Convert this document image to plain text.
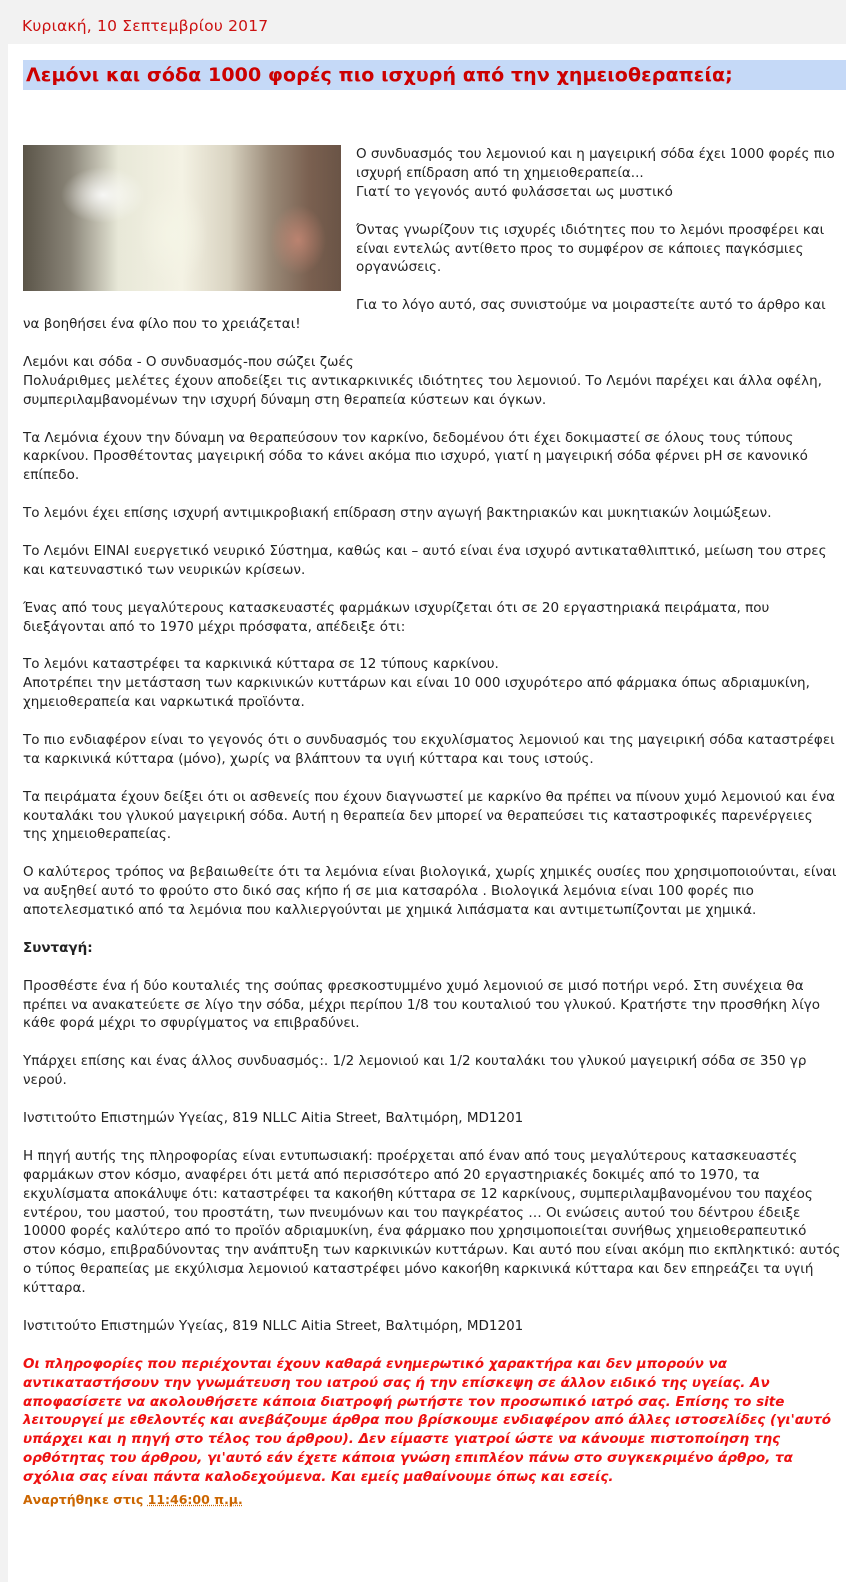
Κυριακή, 10 Σεπτεμβρίου 2017
Λεμόνι και σόδα 1000 φορές πιο ισχυρή από την χημειοθεραπεία;

Ο συνδυασμός του λεμονιού και η μαγειρική σόδα έχει 1000 φορές πιο ισχυρή επίδραση από τη χημειοθεραπεία...
Γιατί το γεγονός αυτό φυλάσσεται ως μυστικό

Όντας γνωρίζουν τις ισχυρές ιδιότητες που το λεμόνι προσφέρει και είναι εντελώς αντίθετο προς το συμφέρον σε κάποιες παγκόσμιες οργανώσεις.

Για το λόγο αυτό, σας συνιστούμε να μοιραστείτε αυτό το άρθρο και να βοηθήσει ένα φίλο που το χρειάζεται!

Λεμόνι και σόδα - Ο συνδυασμός-που σώζει ζωές
Πολυάριθμες μελέτες έχουν αποδείξει τις αντικαρκινικές ιδιότητες του λεμονιού. Το Λεμόνι παρέχει και άλλα οφέλη, συμπεριλαμβανομένων την ισχυρή δύναμη στη θεραπεία κύστεων και όγκων.

Τα Λεμόνια έχουν την δύναμη να θεραπεύσουν τον καρκίνο, δεδομένου ότι έχει δοκιμαστεί σε όλους τους τύπους καρκίνου. Προσθέτοντας μαγειρική σόδα το κάνει ακόμα πιο ισχυρό, γιατί η μαγειρική σόδα φέρνει pH σε κανονικό επίπεδο.

Το λεμόνι έχει επίσης ισχυρή αντιμικροβιακή επίδραση στην αγωγή βακτηριακών και μυκητιακών λοιμώξεων.

Το Λεμόνι ΕΙΝΑΙ ευεργετικό νευρικό Σύστημα, καθώς και – αυτό είναι ένα ισχυρό αντικαταθλιπτικό, μείωση του στρες και κατευναστικό των νευρικών κρίσεων.

Ένας από τους μεγαλύτερους κατασκευαστές φαρμάκων ισχυρίζεται ότι σε 20 εργαστηριακά πειράματα, που διεξάγονται από το 1970 μέχρι πρόσφατα, απέδειξε ότι:

Το λεμόνι καταστρέφει τα καρκινικά κύτταρα σε 12 τύπους καρκίνου.
Αποτρέπει την μετάσταση των καρκινικών κυττάρων και είναι 10 000 ισχυρότερο από φάρμακα όπως αδριαμυκίνη, χημειοθεραπεία και ναρκωτικά προϊόντα.

Το πιο ενδιαφέρον είναι το γεγονός ότι ο συνδυασμός του εκχυλίσματος λεμονιού και της μαγειρική σόδα καταστρέφει τα καρκινικά κύτταρα (μόνο), χωρίς να βλάπτουν τα υγιή κύτταρα και τους ιστούς.

Τα πειράματα έχουν δείξει ότι οι ασθενείς που έχουν διαγνωστεί με καρκίνο θα πρέπει να πίνουν χυμό λεμονιού και ένα κουταλάκι του γλυκού μαγειρική σόδα. Αυτή η θεραπεία δεν μπορεί να θεραπεύσει τις καταστροφικές παρενέργειες της χημειοθεραπείας.

Ο καλύτερος τρόπος να βεβαιωθείτε ότι τα λεμόνια είναι βιολογικά, χωρίς χημικές ουσίες που χρησιμοποιούνται, είναι να αυξηθεί αυτό το φρούτο στο δικό σας κήπο ή σε μια κατσαρόλα . Βιολογικά λεμόνια είναι 100 φορές πιο αποτελεσματικό από τα λεμόνια που καλλιεργούνται με χημικά λιπάσματα και αντιμετωπίζονται με χημικά.

Συνταγή:

Προσθέστε ένα ή δύο κουταλιές της σούπας φρεσκοστυμμένο χυμό λεμονιού σε μισό ποτήρι νερό. Στη συνέχεια θα πρέπει να ανακατεύετε σε λίγο την σόδα, μέχρι περίπου 1/8 του κουταλιού του γλυκού. Κρατήστε την προσθήκη λίγο κάθε φορά μέχρι το σφυρίγματος να επιβραδύνει.

Υπάρχει επίσης και ένας άλλος συνδυασμός:. 1/2 λεμονιού και 1/2 κουταλάκι του γλυκού μαγειρική σόδα σε 350 γρ νερού.

Ινστιτούτο Επιστημών Υγείας, 819 NLLC Aitia Street, Βαλτιμόρη, MD1201

Η πηγή αυτής της πληροφορίας είναι εντυπωσιακή: προέρχεται από έναν από τους μεγαλύτερους κατασκευαστές φαρμάκων στον κόσμο, αναφέρει ότι μετά από περισσότερο από 20 εργαστηριακές δοκιμές από το 1970, τα εκχυλίσματα αποκάλυψε ότι: καταστρέφει τα κακοήθη κύτταρα σε 12 καρκίνους, συμπεριλαμβανομένου του παχέος εντέρου, του μαστού, του προστάτη, των πνευμόνων και του παγκρέατος … Οι ενώσεις αυτού του δέντρου έδειξε 10000 φορές καλύτερο από το προϊόν αδριαμυκίνη, ένα φάρμακο που χρησιμοποιείται συνήθως χημειοθεραπευτικό στον κόσμο, επιβραδύνοντας την ανάπτυξη των καρκινικών κυττάρων. Και αυτό που είναι ακόμη πιο εκπληκτικό: αυτός ο τύπος θεραπείας με εκχύλισμα λεμονιού καταστρέφει μόνο κακοήθη καρκινικά κύτταρα και δεν επηρεάζει τα υγιή κύτταρα.

Ινστιτούτο Επιστημών Υγείας, 819 NLLC Aitia Street, Βαλτιμόρη, MD1201

Οι πληροφορίες που περιέχονται έχουν καθαρά ενημερωτικό χαρακτήρα και δεν μπορούν να αντικαταστήσουν την γνωμάτευση του ιατρού σας ή την επίσκεψη σε άλλον ειδικό της υγείας. Αν αποφασίσετε να ακολουθήσετε κάποια διατροφή ρωτήστε τον προσωπικό ιατρό σας. Επίσης το site λειτουργεί με εθελοντές και ανεβάζουμε άρθρα που βρίσκουμε ενδιαφέρον από άλλες ιστοσελίδες (γι'αυτό υπάρχει και η πηγή στο τέλος του άρθρου). Δεν είμαστε γιατροί ώστε να κάνουμε πιστοποίηση της ορθότητας του άρθρου, γι'αυτό εάν έχετε κάποια γνώση επιπλέον πάνω στο συγκεκριμένο άρθρο, τα σχόλια σας είναι πάντα καλοδεχούμενα. Και εμείς μαθαίνουμε όπως και εσείς.

Αναρτήθηκε στις 11:46:00 π.μ.
